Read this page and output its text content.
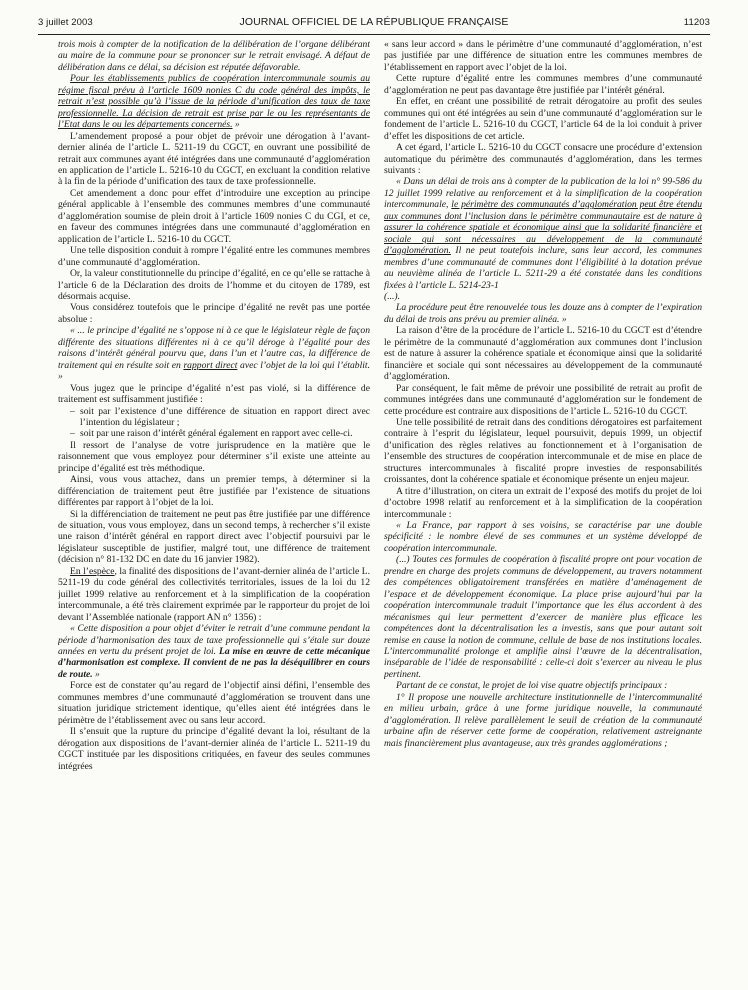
3 juillet 2003	JOURNAL OFFICIEL DE LA RÉPUBLIQUE FRANÇAISE	11203

trois mois à compter de la notification de la délibération de l’organe délibérant au maire de la commune pour se prononcer sur le retrait envisagé. A défaut de délibération dans ce délai, sa décision est réputée défavorable.

Pour les établissements publics de coopération intercommunale soumis au régime fiscal prévu à l’article 1609 nonies C du code général des impôts, le retrait n’est possible qu’à l’issue de la période d’unification des taux de taxe professionnelle. La décision de retrait est prise par le ou les représentants de l’Etat dans le ou les départements concernés. »

L’amendement proposé a pour objet de prévoir une dérogation à l’avant-dernier alinéa de l’article L. 5211-19 du CGCT, en ouvrant une possibilité de retrait aux communes ayant été intégrées dans une communauté d’agglomération en application de l’article L. 5216-10 du CGCT, en excluant la condition relative à la fin de la période d’unification des taux de taxe professionnelle.

Cet amendement a donc pour effet d’introduire une exception au principe général applicable à l’ensemble des communes membres d’une communauté d’agglomération soumise de plein droit à l’article 1609 nonies C du CGI, et ce, en faveur des communes intégrées dans une communauté d’agglomération en application de l’article L. 5216-10 du CGCT.

Une telle disposition conduit à rompre l’égalité entre les communes membres d’une communauté d’agglomération.

Or, la valeur constitutionnelle du principe d’égalité, en ce qu’elle se rattache à l’article 6 de la Déclaration des droits de l’homme et du citoyen de 1789, est désormais acquise.

Vous considérez toutefois que le principe d’égalité ne revêt pas une portée absolue :

« ... le principe d’égalité ne s’oppose ni à ce que le législateur règle de façon différente des situations différentes ni à ce qu’il déroge à l’égalité pour des raisons d’intérêt général pourvu que, dans l’un et l’autre cas, la différence de traitement qui en résulte soit en rapport direct avec l’objet de la loi qui l’établit. »

Vous jugez que le principe d’égalité n’est pas violé, si la différence de traitement est suffisamment justifiée :

– soit par l’existence d’une différence de situation en rapport direct avec l’intention du législateur ;
– soit par une raison d’intérêt général également en rapport avec celle-ci.

Il ressort de l’analyse de votre jurisprudence en la matière que le raisonnement que vous employez pour déterminer s’il existe une atteinte au principe d’égalité est très méthodique.

Ainsi, vous vous attachez, dans un premier temps, à déterminer si la différenciation de traitement peut être justifiée par l’existence de situations différentes par rapport à l’objet de la loi.

Si la différenciation de traitement ne peut pas être justifiée par une différence de situation, vous vous employez, dans un second temps, à rechercher s’il existe une raison d’intérêt général en rapport direct avec l’objectif poursuivi par le législateur susceptible de justifier, malgré tout, une différence de traitement (décision n° 81-132 DC en date du 16 janvier 1982).

En l’espèce, la finalité des dispositions de l’avant-dernier alinéa de l’article L. 5211-19 du code général des collectivités territoriales, issues de la loi du 12 juillet 1999 relative au renforcement et à la simplification de la coopération intercommunale, a été très clairement exprimée par le rapporteur du projet de loi devant l’Assemblée nationale (rapport AN n° 1356) :

« Cette disposition a pour objet d’éviter le retrait d’une commune pendant la période d’harmonisation des taux de taxe professionnelle qui s’étale sur douze années en vertu du présent projet de loi. La mise en œuvre de cette mécanique d’harmonisation est complexe. Il convient de ne pas la déséquilibrer en cours de route. »

Force est de constater qu’au regard de l’objectif ainsi défini, l’ensemble des communes membres d’une communauté d’agglomération se trouvent dans une situation juridique strictement identique, qu’elles aient été intégrées dans le périmètre de l’établissement avec ou sans leur accord.

Il s’ensuit que la rupture du principe d’égalité devant la loi, résultant de la dérogation aux dispositions de l’avant-dernier alinéa de l’article L. 5211-19 du CGCT instituée par les dispositions critiquées, en faveur des seules communes intégrées

« sans leur accord » dans le périmètre d’une communauté d’agglomération, n’est pas justifiée par une différence de situation entre les communes membres de l’établissement en rapport avec l’objet de la loi.

Cette rupture d’égalité entre les communes membres d’une communauté d’agglomération ne peut pas davantage être justifiée par l’intérêt général.

En effet, en créant une possibilité de retrait dérogatoire au profit des seules communes qui ont été intégrées au sein d’une communauté d’agglomération sur le fondement de l’article L. 5216-10 du CGCT, l’article 64 de la loi conduit à priver d’effet les dispositions de cet article.

A cet égard, l’article L. 5216-10 du CGCT consacre une procédure d’extension automatique du périmètre des communautés d’agglomération, dans les termes suivants :

« Dans un délai de trois ans à compter de la publication de la loi n° 99-586 du 12 juillet 1999 relative au renforcement et à la simplification de la coopération intercommunale, le périmètre des communautés d’agglomération peut être étendu aux communes dont l’inclusion dans le périmètre communautaire est de nature à assurer la cohérence spatiale et économique ainsi que la solidarité financière et sociale qui sont nécessaires au développement de la communauté d’agglomération. Il ne peut toutefois inclure, sans leur accord, les communes membres d’une communauté de communes dont l’éligibilité à la dotation prévue au neuvième alinéa de l’article L. 5211-29 a été constatée dans les conditions fixées à l’article L. 5214-23-1

(...).

La procédure peut être renouvelée tous les douze ans à compter de l’expiration du délai de trois ans prévu au premier alinéa. »

La raison d’être de la procédure de l’article L. 5216-10 du CGCT est d’étendre le périmètre de la communauté d’agglomération aux communes dont l’inclusion est de nature à assurer la cohérence spatiale et économique ainsi que la solidarité financière et sociale qui sont nécessaires au développement de la communauté d’agglomération.

Par conséquent, le fait même de prévoir une possibilité de retrait au profit de communes intégrées dans une communauté d’agglomération sur le fondement de cette procédure est contraire aux dispositions de l’article L. 5216-10 du CGCT.

Une telle possibilité de retrait dans des conditions dérogatoires est parfaitement contraire à l’esprit du législateur, lequel poursuivit, depuis 1999, un objectif d’unification des règles relatives au fonctionnement et à l’organisation de l’ensemble des structures de coopération intercommunale et de mise en place de structures intercommunales à fiscalité propre investies de responsabilités croissantes, dont la cohérence spatiale et économique présente un enjeu majeur.

A titre d’illustration, on citera un extrait de l’exposé des motifs du projet de loi d’octobre 1998 relatif au renforcement et à la simplification de la coopération intercommunale :

« La France, par rapport à ses voisins, se caractérise par une double spécificité : le nombre élevé de ses communes et un système développé de coopération intercommunale.

(...) Toutes ces formules de coopération à fiscalité propre ont pour vocation de prendre en charge des projets communs de développement, au travers notamment des compétences obligatoirement transférées en matière d’aménagement de l’espace et de développement économique. La place prise aujourd’hui par la coopération intercommunale traduit l’importance que les élus accordent à des mécanismes qui leur permettent d’exercer de manière plus efficace les compétences dont la décentralisation les a investis, sans que pour autant soit remise en cause la notion de commune, cellule de base de nos institutions locales. L’intercommunalité prolonge et amplifie ainsi l’œuvre de la décentralisation, inséparable de l’idée de responsabilité : celle-ci doit s’exercer au niveau le plus pertinent.

Partant de ce constat, le projet de loi vise quatre objectifs principaux :

1° Il propose une nouvelle architecture institutionnelle de l’intercommunalité en milieu urbain, grâce à une forme juridique nouvelle, la communauté d’agglomération. Il relève parallèlement le seuil de création de la communauté urbaine afin de réserver cette forme de coopération, relativement astreignante mais financièrement plus avantageuse, aux très grandes agglomérations ;
